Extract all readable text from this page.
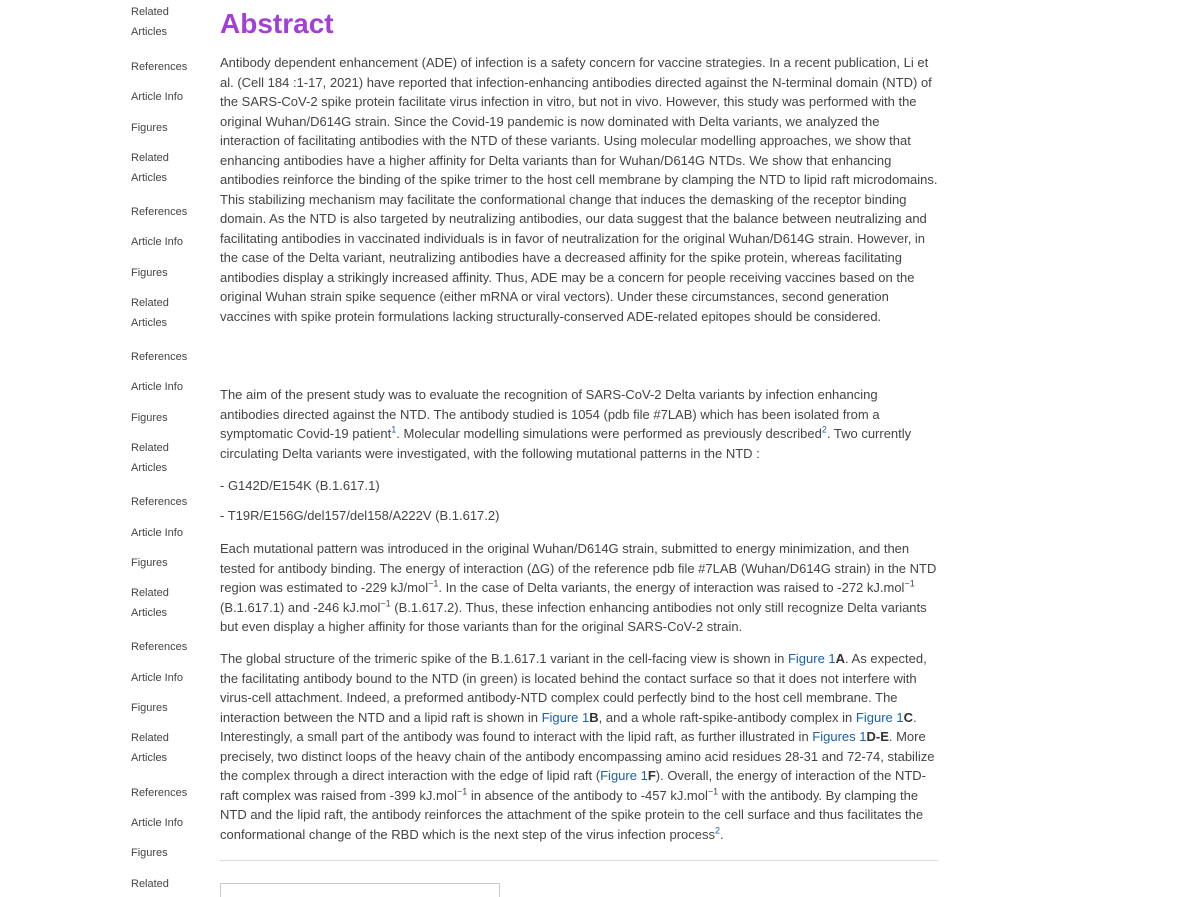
Related
Articles
References
Article Info
Figures
Related
Articles
References
Article Info
Figures
Related
Articles
References
Article Info
Figures
Related
Articles
References
Article Info
Figures
Related
Articles
References
Article Info
Figures
Related
Articles
References
Article Info
Figures
Related
Abstract

Antibody dependent enhancement (ADE) of infection is a safety concern for vaccine strategies. In a recent publication, Li et al. (Cell 184 :1-17, 2021) have reported that infection-enhancing antibodies directed against the N-terminal domain (NTD) of the SARS-CoV-2 spike protein facilitate virus infection in vitro, but not in vivo. However, this study was performed with the original Wuhan/D614G strain. Since the Covid-19 pandemic is now dominated with Delta variants, we analyzed the interaction of facilitating antibodies with the NTD of these variants. Using molecular modelling approaches, we show that enhancing antibodies have a higher affinity for Delta variants than for Wuhan/D614G NTDs. We show that enhancing antibodies reinforce the binding of the spike trimer to the host cell membrane by clamping the NTD to lipid raft microdomains. This stabilizing mechanism may facilitate the conformational change that induces the demasking of the receptor binding domain. As the NTD is also targeted by neutralizing antibodies, our data suggest that the balance between neutralizing and facilitating antibodies in vaccinated individuals is in favor of neutralization for the original Wuhan/D614G strain. However, in the case of the Delta variant, neutralizing antibodies have a decreased affinity for the spike protein, whereas facilitating antibodies display a strikingly increased affinity. Thus, ADE may be a concern for people receiving vaccines based on the original Wuhan strain spike sequence (either mRNA or viral vectors). Under these circumstances, second generation vaccines with spike protein formulations lacking structurally-conserved ADE-related epitopes should be considered.

The aim of the present study was to evaluate the recognition of SARS-CoV-2 Delta variants by infection enhancing antibodies directed against the NTD. The antibody studied is 1054 (pdb file #7LAB) which has been isolated from a symptomatic Covid-19 patient$^1$. Molecular modelling simulations were performed as previously described$^2$. Two currently circulating Delta variants were investigated, with the following mutational patterns in the NTD :

- G142D/E154K (B.1.617.1)

- T19R/E156G/del157/del158/A222V (B.1.617.2)

Each mutational pattern was introduced in the original Wuhan/D614G strain, submitted to energy minimization, and then tested for antibody binding. The energy of interaction (ΔG) of the reference pdb file #7LAB (Wuhan/D614G strain) in the NTD region was estimated to -229 kJ/mol$^{-1}$. In the case of Delta variants, the energy of interaction was raised to -272 kJ.mol$^{-1}$ (B.1.617.1) and -246 kJ.mol$^{-1}$ (B.1.617.2). Thus, these infection enhancing antibodies not only still recognize Delta variants but even display a higher affinity for those variants than for the original SARS-CoV-2 strain.

The global structure of the trimeric spike of the B.1.617.1 variant in the cell-facing view is shown in Figure 1A. As expected, the facilitating antibody bound to the NTD (in green) is located behind the contact surface so that it does not interfere with virus-cell attachment. Indeed, a preformed antibody-NTD complex could perfectly bind to the host cell membrane. The interaction between the NTD and a lipid raft is shown in Figure 1B, and a whole raft-spike-antibody complex in Figure 1C. Interestingly, a small part of the antibody was found to interact with the lipid raft, as further illustrated in Figures 1D-E. More precisely, two distinct loops of the heavy chain of the antibody encompassing amino acid residues 28-31 and 72-74, stabilize the complex through a direct interaction with the edge of lipid raft (Figure 1F). Overall, the energy of interaction of the NTD-raft complex was raised from -399 kJ.mol$^{-1}$ in absence of the antibody to -457 kJ.mol$^{-1}$ with the antibody. By clamping the NTD and the lipid raft, the antibody reinforces the attachment of the spike protein to the cell surface and thus facilitates the conformational change of the RBD which is the next step of the virus infection process$^2$.
